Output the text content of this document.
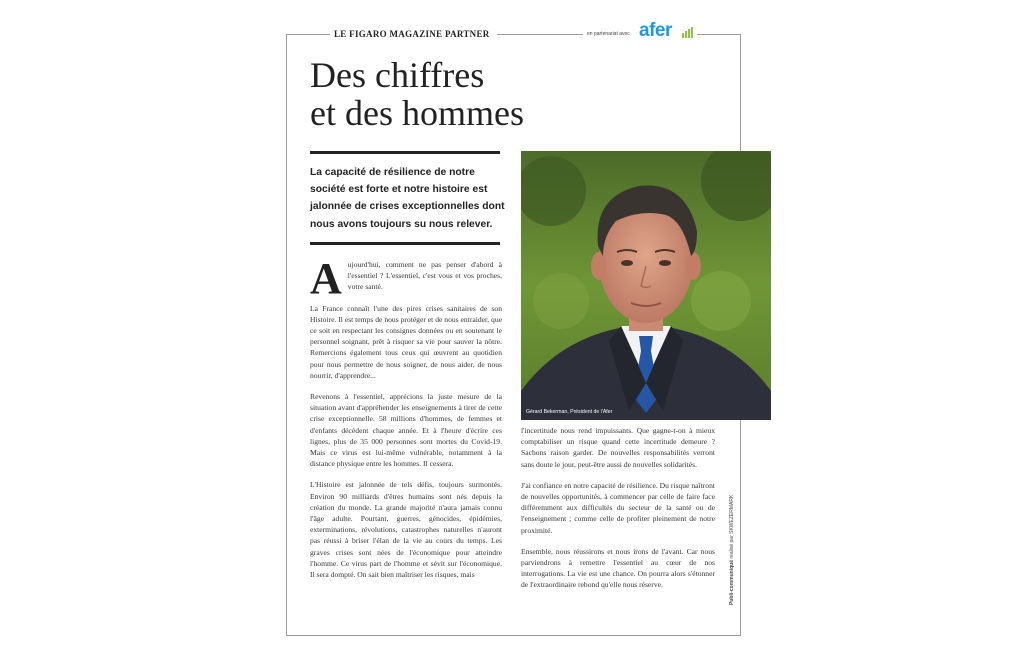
LE FIGARO MAGAZINE PARTNER	en partenariat avec afer
Des chiffres
et des hommes

La capacité de résilience de notre société est forte et notre histoire est jalonnée de crises exceptionnelles dont nous avons toujours su nous relever.

Aujourd'hui, comment ne pas penser d'abord à l'essentiel ? L'essentiel, c'est vous et vos proches, votre santé.

La France connaît l'une des pires crises sanitaires de son Histoire. Il est temps de nous protéger et de nous entraider, que ce soit en respectant les consignes données ou en soutenant le personnel soignant, prêt à risquer sa vie pour sauver la nôtre. Remercions également tous ceux qui œuvrent au quotidien pour nous permettre de nous soigner, de nous aider, de nous nourrir, d'apprendre...

Revenons à l'essentiel, apprécions la juste mesure de la situation avant d'appréhender les enseignements à tirer de cette crise exceptionnelle. 58 millions d'hommes, de femmes et d'enfants décèdent chaque année. Et à l'heure d'écrire ces lignes, plus de 35 000 personnes sont mortes du Covid-19. Mais ce virus est lui-même vulnérable, notamment à la distance physique entre les hommes. Il cessera.

L'Histoire est jalonnée de tels défis, toujours surmontés. Environ 90 milliards d'êtres humains sont nés depuis la création du monde. La grande majorité n'aura jamais connu l'âge adulte. Pourtant, guerres, génocides, épidémies, exterminations, révolutions, catastrophes naturelles n'auront pas réussi à briser l'élan de la vie au cours du temps. Les graves crises sont nées de l'économique pour atteindre l'homme. Ce virus part de l'homme et sévit sur l'économique. Il sera dompté. On sait bien maîtriser les risques, mais

Gérard Bekerman, Président de l'Afer

l'incertitude nous rend impuissants. Que gagne-t-on à mieux comptabiliser un risque quand cette incertitude demeure ? Sachons raison garder. De nouvelles responsabilités verront sans doute le jour, peut-être aussi de nouvelles solidarités.

J'ai confiance en notre capacité de résilience. Du risque naîtront de nouvelles opportunités, à commencer par celle de faire face différemment aux difficultés du secteur de la santé ou de l'enseignement ; comme celle de profiter pleinement de notre proximité.

Ensemble, nous réussirons et nous irons de l'avant. Car nous parviendrons à remettre l'essentiel au cœur de nos interrogations. La vie est une chance. On pourra alors s'étonner de l'extraordinaire rebond qu'elle nous réserve.	Publi-communiqué réalisé par SKWEZERMARK
